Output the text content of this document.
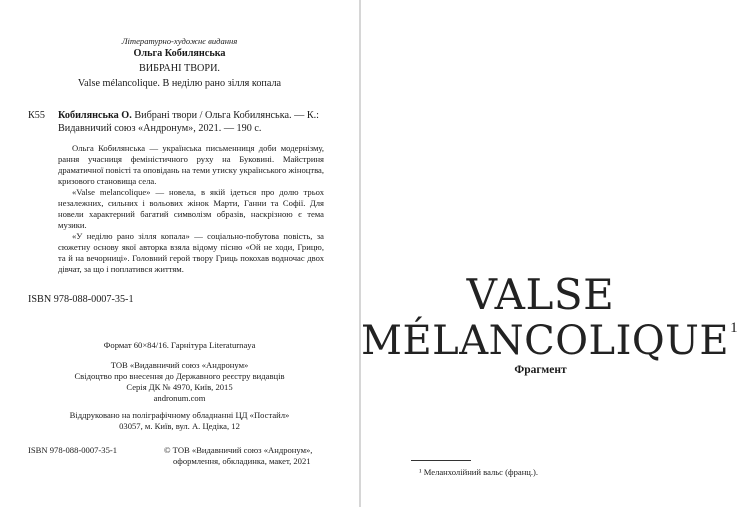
Літературно-художнє видання
Ольга Кобилянська
ВИБРАНІ ТВОРИ.
Valse mélancolique. В неділю рано зілля копала
К55 Кобилянська О. Вибрані твори / Ольга Кобилянська. — К.:
Видавничий союз «Андронум», 2021. — 190 с.

Ольга Кобилянська — українська письменниця доби модернізму, рання учасниця феміністичного руху на Буковині. Майстриня драматичної повісті та оповідань на теми утиску українського жіноцтва, кризового становища села.

«Valse melancolique» — новела, в якій ідеться про долю трьох незалежних, сильних і вольових жінок Марти, Ганни та Софії. Для новели характерний багатий символізм образів, наскрізною є тема музики.

«У неділю рано зілля копала» — соціально-побутова повість, за сюжетну основу якої авторка взяла відому пісню «Ой не ходи, Грицю, та й на вечорниці». Головний герой твору Гриць покохав водночас двох дівчат, за що і поплатився життям.

ISBN 978-088-0007-35-1
Формат 60×84/16. Гарнітура Literaturnaya
ТОВ «Видавничий союз «Андронум»
Свідоцтво про внесення до Державного реєстру видавців
Серія ДК № 4970, Київ, 2015
andronum.com
Віддруковано на поліграфічному обладнанні ЦД «Постайл»
03057, м. Київ, вул. А. Цедіка, 12
ISBN 978-088-0007-35-1	© ТОВ «Видавничий союз «Андронум»,
оформлення, обкладинка, макет, 2021
VALSE
MÉLANCOLIQUE$^1$
Фрагмент
¹ Меланхолійний вальс (франц.).
